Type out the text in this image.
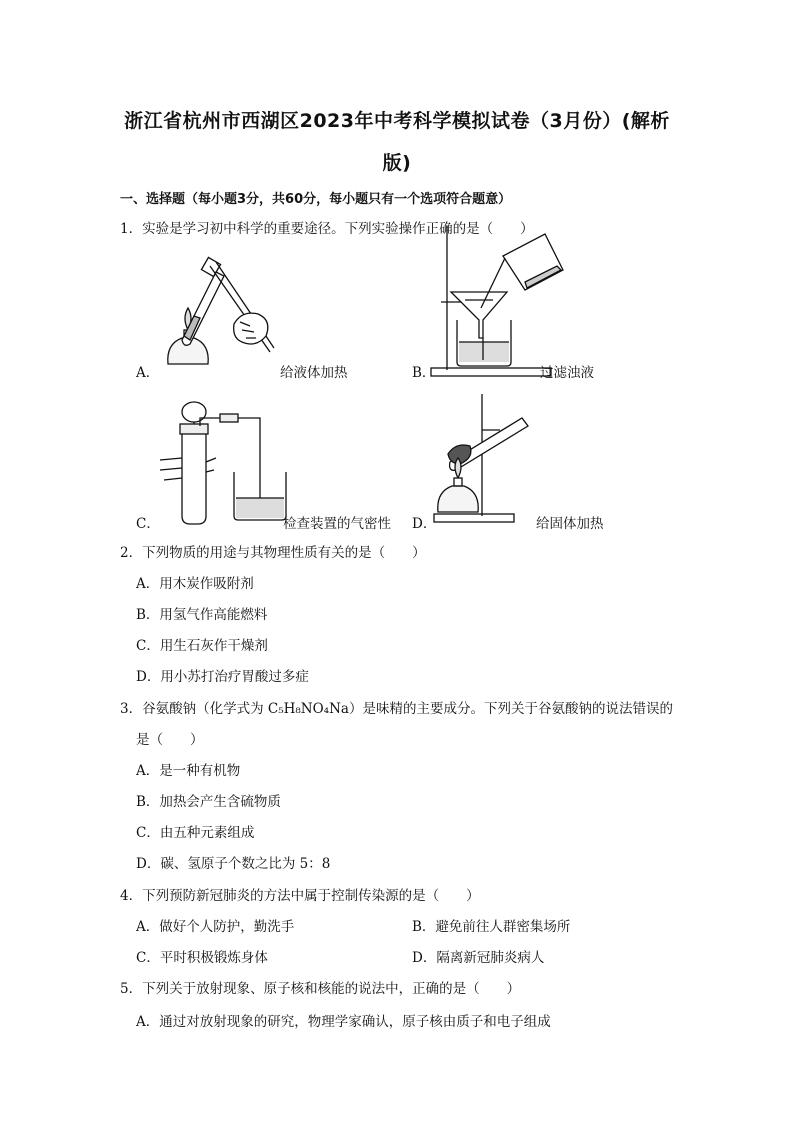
浙江省杭州市西湖区2023年中考科学模拟试卷（3月份）(解析版)
一、选择题（每小题3分，共60分，每小题只有一个选项符合题意）
1．实验是学习初中科学的重要途径。下列实验操作正确的是（　　）
A．	给液体加热	B．	过滤浊液
C．	检查装置的气密性 D．	给固体加热
2．下列物质的用途与其物理性质有关的是（　　）
A．用木炭作吸附剂
B．用氢气作高能燃料
C．用生石灰作干燥剂
D．用小苏打治疗胃酸过多症
3．谷氨酸钠（化学式为 C₅H₈NO₄Na）是味精的主要成分。下列关于谷氨酸钠的说法错误的
是（　　）
A．是一种有机物
B．加热会产生含硫物质
C．由五种元素组成
D．碳、氢原子个数之比为 5：8
4．下列预防新冠肺炎的方法中属于控制传染源的是（　　）
A．做好个人防护，勤洗手	B．避免前往人群密集场所
C．平时积极锻炼身体	D．隔离新冠肺炎病人
5．下列关于放射现象、原子核和核能的说法中，正确的是（　　）
A．通过对放射现象的研究，物理学家确认，原子核由质子和电子组成
